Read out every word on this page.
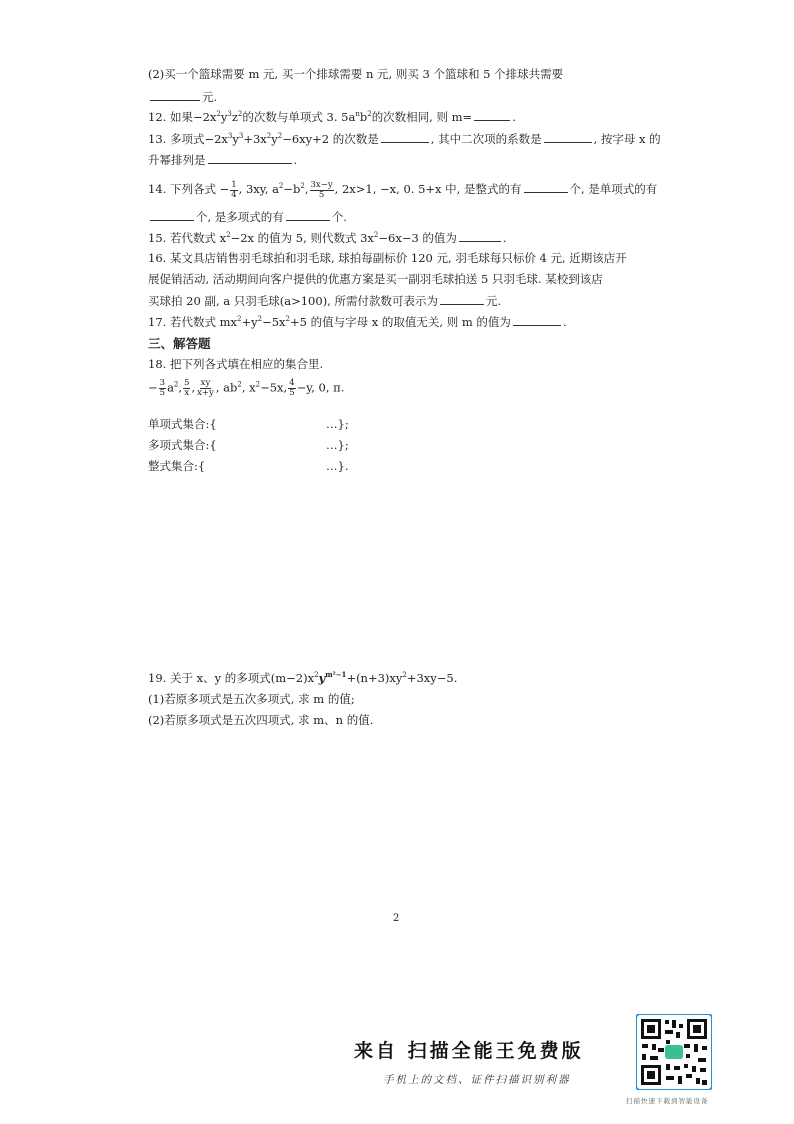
(2)买一个篮球需要 m 元, 买一个排球需要 n 元, 则买 3 个篮球和 5 个排球共需要
元.
12. 如果$-2x^2y^3z^2$的次数与单项式 3. $5a^nb^2$的次数相同, 则 m=	.
13. 多项式$-2x^3y^3+3x^2y^2-6xy+2$ 的次数是	, 其中二次项的系数是	, 按字母 x 的
升幂排列是	.
14. 下列各式 − $\frac{1}{4}$ , 3xy, $a^2-b^2$, $\frac{3x-y}{5}$ , 2x>1, −x, 0. 5+x 中, 是整式的有	个, 是单项式的有
个, 是多项式的有	个.
15. 若代数式 $x^2-2x$ 的值为 5, 则代数式 $3x^2-6x-3$ 的值为	.
16. 某文具店销售羽毛球拍和羽毛球, 球拍每副标价 120 元, 羽毛球每只标价 4 元, 近期该店开
展促销活动, 活动期间向客户提供的优惠方案是买一副羽毛球拍送 5 只羽毛球. 某校到该店
买球拍 20 副, a 只羽毛球(a>100), 所需付款数可表示为	元.
17. 若代数式 $mx^2+y^2-5x^2+5$ 的值与字母 x 的取值无关, 则 m 的值为	.
三、解答题
18. 把下列各式填在相应的集合里.
− $\frac{3}{5} a^2$, $\frac{5}{x}$ , $\frac{xy}{x+y}$ , $ab^2$, $x^2-5x$, $\frac{4}{5} -y$, 0, π.
单项式集合:{	…};
多项式集合:{	…};
整式集合:{	…}.
19. 关于 x、y 的多项式$(m-2)x^2y^{m^2-1}+(n+3)xy^2+3xy-5$.
(1)若原多项式是五次多项式, 求 m 的值;
(2)若原多项式是五次四项式, 求 m、n 的值.
2
来自 扫描全能王免费版
手机上的文档、证件扫描识别利器
扫描快速下载到智能设备
